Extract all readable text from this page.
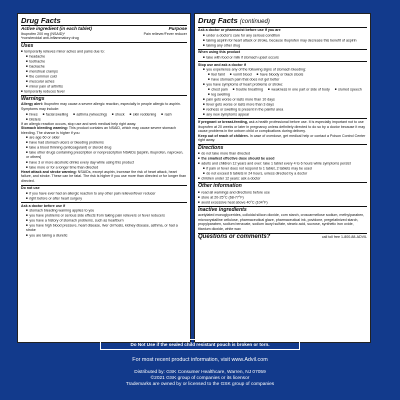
Drug Facts
Active ingredient (in each tablet)	Purpose
Ibuprofen 200 mg (NSAID)*	Pain reliever/Fever reducer
*nonsteroidal anti-inflammatory drug
Uses
■ temporarily relieves minor aches and pains due to:
■ headache
■ toothache
■ backache
■ menstrual cramps
■ the common cold
■ muscular aches
■ minor pain of arthritis
■ temporarily reduces fever
Warnings
Allergy alert: Ibuprofen may cause a severe allergic reaction, especially in people allergic to aspirin. Symptoms may include:
■ hives	■ facial swelling	■ asthma (wheezing)	■ shock	■ skin reddening	■ rash
■ blisters
If an allergic reaction occurs, stop use and seek medical help right away.
Stomach bleeding warning: This product contains an NSAID, which may cause severe stomach bleeding. The chance is higher if you
■ are age 60 or older
■ have had stomach ulcers or bleeding problems
■ take a blood thinning (anticoagulant) or steroid drug
■ take other drugs containing prescription or nonprescription NSAIDs [aspirin, ibuprofen, naproxen, or others]
■ have 3 or more alcoholic drinks every day while using this product
■ take more or for a longer time than directed
Heart attack and stroke warning: NSAIDs, except aspirin, increase the risk of heart attack, heart failure, and stroke. These can be fatal. The risk is higher if you use more than directed or for longer than directed.
Do not use
■ if you have ever had an allergic reaction to any other pain reliever/fever reducer
■ right before or after heart surgery
Ask a doctor before use if
■ stomach bleeding warning applies to you
■ you have problems or serious side effects from taking pain relievers or fever reducers
■ you have a history of stomach problems, such as heartburn
■ you have high blood pressure, heart disease, liver cirrhosis, kidney disease, asthma, or had a stroke
■ you are taking a diuretic
Drug Facts (continued)
Ask a doctor or pharmacist before use if you are
■ under a doctor's care for any serious condition
■ taking aspirin for heart attack or stroke, because ibuprofen may decrease this benefit of aspirin
■ taking any other drug
When using this product
■ take with food or milk if stomach upset occurs
Stop use and ask a doctor if
■ you experience any of the following signs of stomach bleeding:
■ feel faint	■ vomit blood	■ have bloody or black stools
■ have stomach pain that does not get better
■ you have symptoms of heart problems or stroke:
■ chest pain	■ trouble breathing	■ weakness in one part or side of body	■ slurred speech
■ leg swelling
■ pain gets worse or lasts more than 10 days
■ fever gets worse or lasts more than 3 days
■ redness or swelling is present in the painful area
■ any new symptoms appear
If pregnant or breast-feeding, ask a health professional before use. It is especially important not to use ibuprofen at 20 weeks or later in pregnancy unless definitely directed to do so by a doctor because it may cause problems in the unborn child or complications during delivery.
Keep out of reach of children. In case of overdose, get medical help or contact a Poison Control Center right away.
Directions
■ do not take more than directed
■ the smallest effective dose should be used
■ adults and children 12 years and over: take 1 tablet every 4 to 6 hours while symptoms persist
■ if pain or fever does not respond to 1 tablet, 2 tablets may be used
■ do not exceed 6 tablets in 24 hours, unless directed by a doctor
■ children under 12 years: ask a doctor
Other information
■ read all warnings and directions before use
■ store at 20-25°C (68-77°F)
■ avoid excessive heat above 40°C (104°F)
Inactive ingredients
acetylated monoglycerides, colloidal silicon dioxide, corn starch, croscarmellose sodium, methylparaben, microcrystalline cellulose, pharmaceutical glaze, pharmaceutical ink, povidone, pregelatinized starch, propylparaben, sodium benzoate, sodium lauryl sulfate, stearic acid, sucrose, synthetic iron oxide, titanium dioxide, white wax
Questions or comments?	call toll free 1-800-88-ADVIL
Do Not Use if the sealed child resistant pouch is broken or torn.
For most recent product information, visit www.Advil.com
Distributed by: GSK Consumer Healthcare, Warren, NJ 07059
©2021 GSK group of companies or its licensor
Trademarks are owned by or licensed to the GSK group of companies
